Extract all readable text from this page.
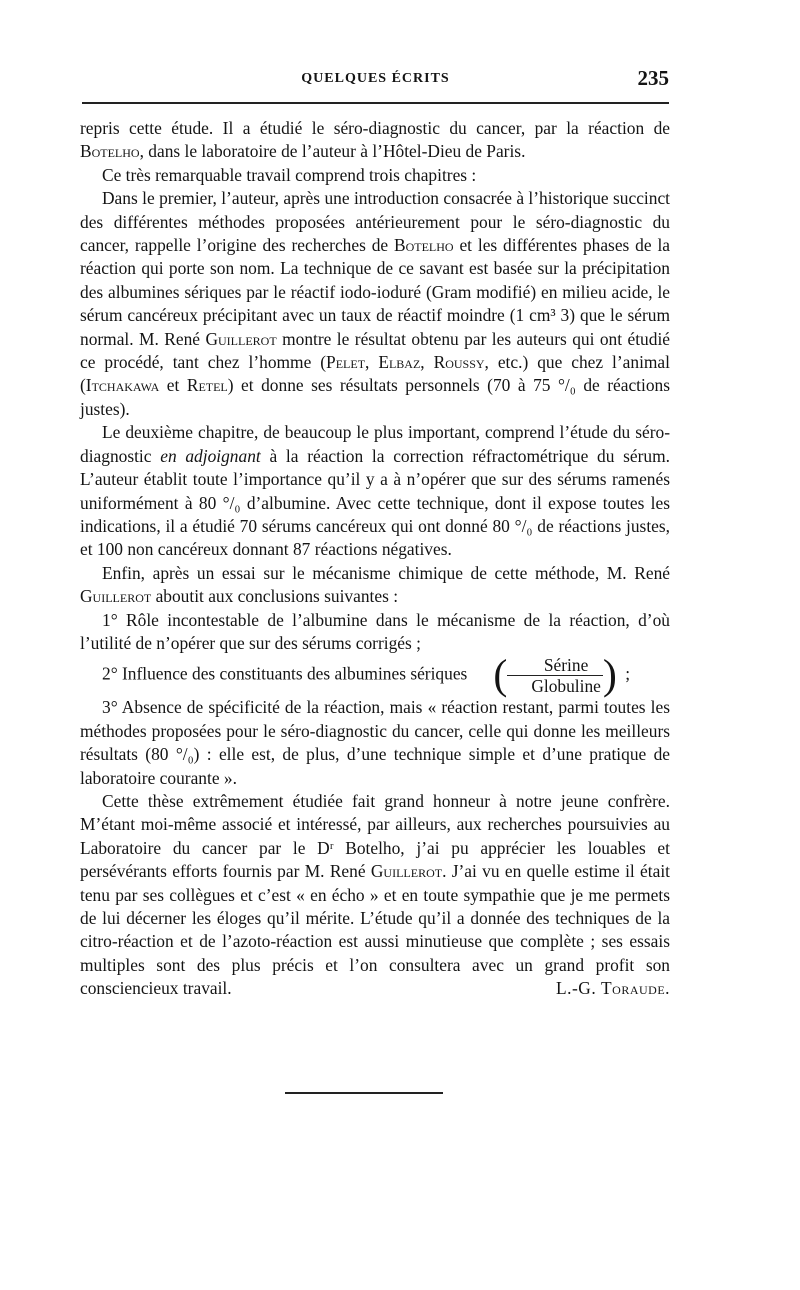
QUELQUES ÉCRITS	235

repris cette étude. Il a étudié le séro-diagnostic du cancer, par la réaction de Botelho, dans le laboratoire de l’auteur à l’Hôtel-Dieu de Paris.

Ce très remarquable travail comprend trois chapitres :

Dans le premier, l’auteur, après une introduction consacrée à l’historique succinct des différentes méthodes proposées antérieurement pour le séro-diagnostic du cancer, rappelle l’origine des recherches de Botelho et les différentes phases de la réaction qui porte son nom. La technique de ce savant est basée sur la précipitation des albumines sériques par le réactif iodo-ioduré (Gram modifié) en milieu acide, le sérum cancéreux précipitant avec un taux de réactif moindre (1 cm³ 3) que le sérum normal. M. René Guillerot montre le résultat obtenu par les auteurs qui ont étudié ce procédé, tant chez l’homme (Pelet, Elbaz, Roussy, etc.) que chez l’animal (Itchakawa et Retel) et donne ses résultats personnels (70 à 75 °/₀ de réactions justes).

Le deuxième chapitre, de beaucoup le plus important, comprend l’étude du séro-diagnostic en adjoignant à la réaction la correction réfractométrique du sérum. L’auteur établit toute l’importance qu’il y a à n’opérer que sur des sérums ramenés uniformément à 80 °/₀ d’albumine. Avec cette technique, dont il expose toutes les indications, il a étudié 70 sérums cancéreux qui ont donné 80 °/₀ de réactions justes, et 100 non cancéreux donnant 87 réactions négatives.

Enfin, après un essai sur le mécanisme chimique de cette méthode, M. René Guillerot aboutit aux conclusions suivantes :

1° Rôle incontestable de l’albumine dans le mécanisme de la réaction, d’où l’utilité de n’opérer que sur des sérums corrigés ;

2° Influence des constituants des albumines sériques ( $\frac{\text{Sérine}}{\text{Globuline}}$ ) ;

3° Absence de spécificité de la réaction, mais « réaction restant, parmi toutes les méthodes proposées pour le séro-diagnostic du cancer, celle qui donne les meilleurs résultats (80 °/₀) : elle est, de plus, d’une technique simple et d’une pratique de laboratoire courante ».

Cette thèse extrêmement étudiée fait grand honneur à notre jeune confrère. M’étant moi-même associé et intéressé, par ailleurs, aux recherches poursuivies au Laboratoire du cancer par le Dʳ Botelho, j’ai pu apprécier les louables et persévérants efforts fournis par M. René Guillerot. J’ai vu en quelle estime il était tenu par ses collègues et c’est « en écho » et en toute sympathie que je me permets de lui décerner les éloges qu’il mérite. L’étude qu’il a donnée des techniques de la citro-réaction et de l’azoto-réaction est aussi minutieuse que complète ; ses essais multiples sont des plus précis et l’on consultera avec un grand profit son consciencieux travail.	L.-G. Toraude.
